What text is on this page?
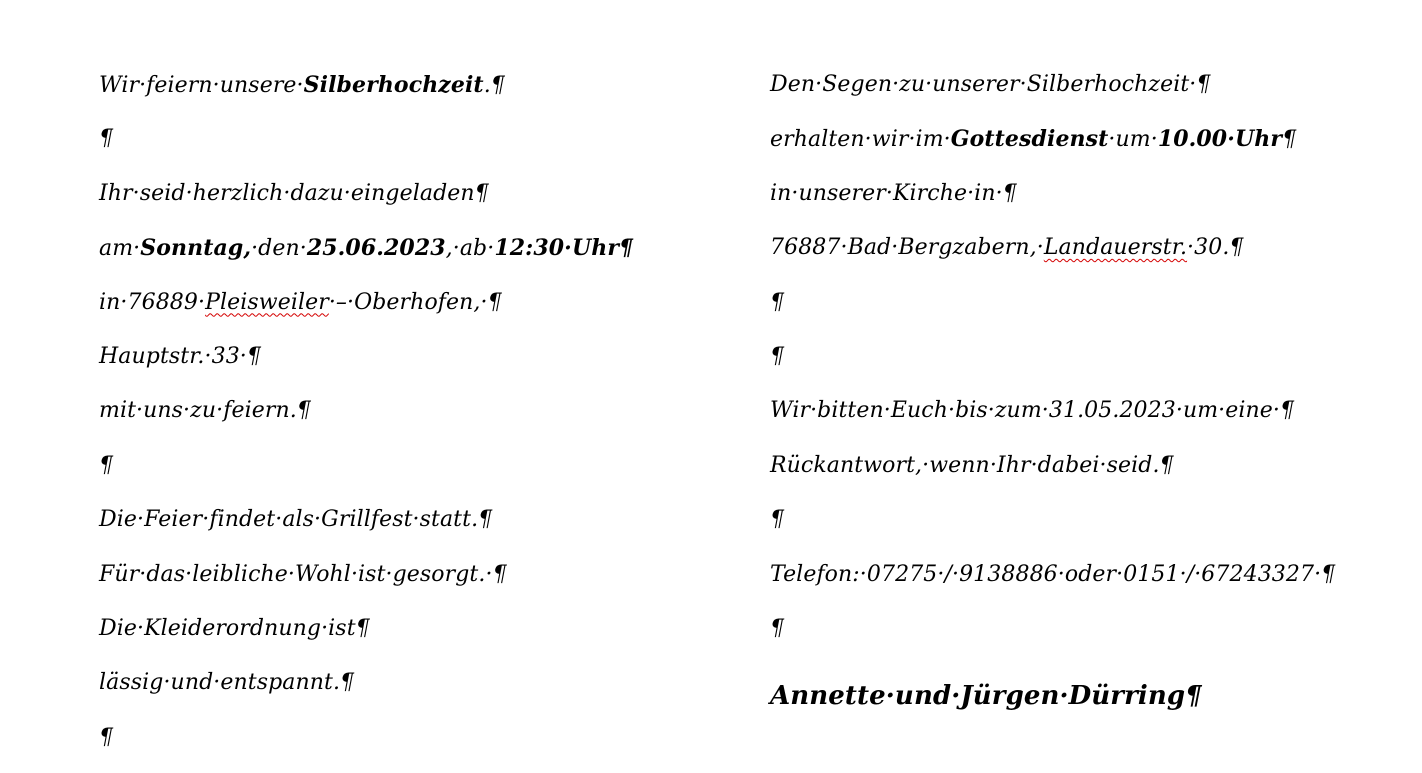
Wir·feiern·unsere·Silberhochzeit.¶
¶
Ihr·seid·herzlich·dazu·eingeladen¶
am·Sonntag,·den·25.06.2023,·ab·12:30·Uhr¶
in·76889·Pleisweiler·–·Oberhofen,·¶
Hauptstr.·33·¶
mit·uns·zu·feiern.¶
¶
Die·Feier·findet·als·Grillfest·statt.¶
Für·das·leibliche·Wohl·ist·gesorgt.·¶
Die·Kleiderordnung·ist¶
lässig·und·entspannt.¶
¶
Den·Segen·zu·unserer·Silberhochzeit·¶
erhalten·wir·im·Gottesdienst·um·10.00·Uhr¶
in·unserer·Kirche·in·¶
76887·Bad·Bergzabern,·Landauerstr.·30.¶
¶
¶
Wir·bitten·Euch·bis·zum·31.05.2023·um·eine·¶
Rückantwort,·wenn·Ihr·dabei·seid.¶
¶
Telefon:·07275·/·9138886·oder·0151·/·67243327·¶
¶
Annette·und·Jürgen·Dürring¶
